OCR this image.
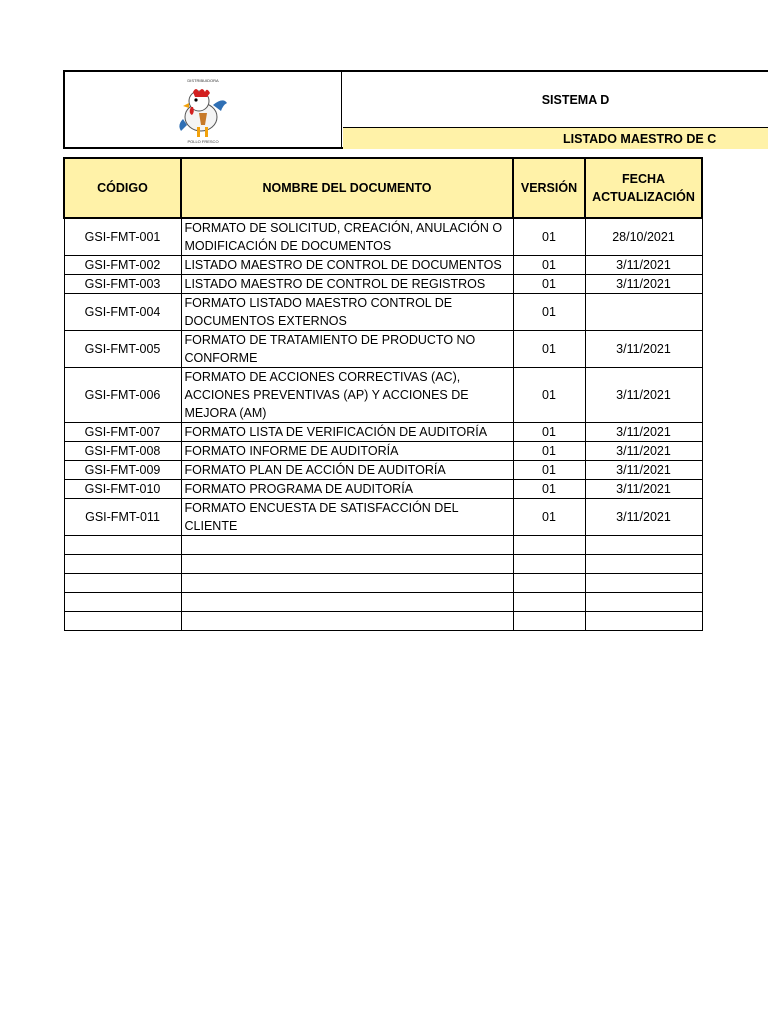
DISTRIBUIDORA
POLLO FRESCO
SISTEMA D
LISTADO MAESTRO DE C
CÓDIGO	NOMBRE DEL DOCUMENTO	VERSIÓN	FECHA ACTUALIZACIÓN
GSI-FMT-001	FORMATO DE SOLICITUD, CREACIÓN, ANULACIÓN O MODIFICACIÓN DE DOCUMENTOS	01	28/10/2021
GSI-FMT-002	LISTADO MAESTRO DE CONTROL DE DOCUMENTOS	01	3/11/2021
GSI-FMT-003	LISTADO MAESTRO DE CONTROL DE REGISTROS	01	3/11/2021
GSI-FMT-004	FORMATO LISTADO MAESTRO CONTROL DE DOCUMENTOS EXTERNOS	01	
GSI-FMT-005	FORMATO DE TRATAMIENTO DE PRODUCTO NO CONFORME	01	3/11/2021
GSI-FMT-006	FORMATO DE ACCIONES CORRECTIVAS (AC), ACCIONES PREVENTIVAS (AP) Y ACCIONES DE MEJORA (AM)	01	3/11/2021
GSI-FMT-007	FORMATO LISTA DE VERIFICACIÓN DE AUDITORÍA	01	3/11/2021
GSI-FMT-008	FORMATO INFORME DE AUDITORÍA	01	3/11/2021
GSI-FMT-009	FORMATO PLAN DE ACCIÓN DE AUDITORÍA	01	3/11/2021
GSI-FMT-010	FORMATO PROGRAMA DE AUDITORÍA	01	3/11/2021
GSI-FMT-011	FORMATO ENCUESTA DE SATISFACCIÓN DEL CLIENTE	01	3/11/2021
